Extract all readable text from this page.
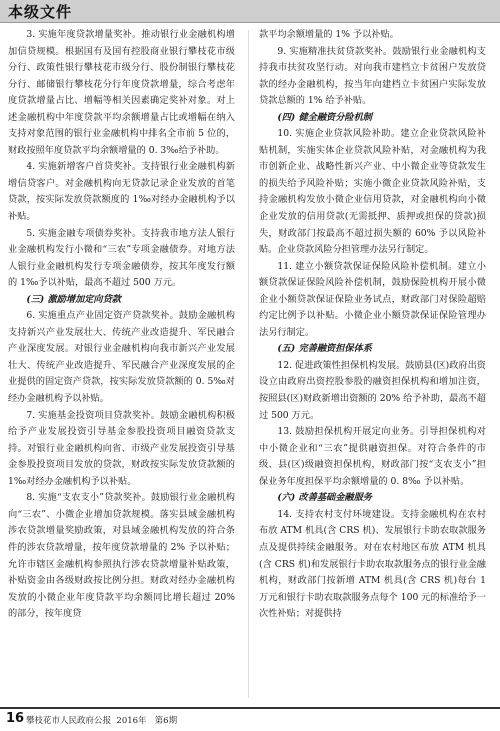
本级文件

3. 实施年度贷款增量奖补。推动银行业金融机构增加信贷规模。根据国有及国有控股商业银行攀枝花市级分行、政策性银行攀枝花市级分行、股份制银行攀枝花分行、邮储银行攀枝花分行年度贷款增量，综合考虑年度贷款增量占比、增幅等相关因素确定奖补对象。对上述金融机构中年度贷款平均余额增量占比或增幅在纳入支持对象范围的银行业金融机构中排名全市前 5 位的，财政按照年度贷款平均余额增量的 0. 3‰给予补助。

4. 实施新增客户首贷奖补。支持银行业金融机构新增信贷客户。对金融机构向无贷款记录企业发放的首笔贷款，按实际发放贷款额度的 1‰对经办金融机构予以补贴。

5. 实施金融专项债券奖补。支持我市地方法人银行业金融机构发行小微和“三农”专项金融债券。对地方法人银行业金融机构发行专项金融债券，按其年度发行额的 1‰予以补贴，最高不超过 500 万元。

(三) 激励增加定向贷款

6. 实施重点产业固定资产贷款奖补。鼓励金融机构支持新兴产业发展壮大、传统产业改造提升、军民融合产业深度发展。对银行业金融机构向我市新兴产业发展壮大、传统产业改造提升、军民融合产业深度发展的企业提供的固定资产贷款，按实际发放贷款额的 0. 5‰对经办金融机构予以补贴。

7. 实施基金投资项目贷款奖补。鼓励金融机构积极给予产业发展投资引导基金参股投资项目融资贷款支持。对银行业金融机构向省、市级产业发展投资引导基金参股投资项目发放的贷款，财政按实际发放贷款额的 1‰对经办金融机构予以补贴。

8. 实施“支农支小”贷款奖补。鼓励银行业金融机构向“三农”、小微企业增加贷款规模。落实县域金融机构涉农贷款增量奖励政策，对县域金融机构发放的符合条件的涉农贷款增量，按年度贷款增量的 2% 予以补贴；允许市辖区金融机构参照执行涉农贷款增量补贴政策，补贴资金由各级财政按比例分担。财政对经办金融机构发放的小微企业年度贷款平均余额同比增长超过 20% 的部分，按年度贷

款平均余额增量的 1% 予以补贴。

9. 实施精准扶贫贷款奖补。鼓励银行业金融机构支持我市扶贫攻坚行动。对向我市建档立卡贫困户发放贷款的经办金融机构，按当年向建档立卡贫困户实际发放贷款总额的 1% 给予补贴。

(四) 健全融资分险机制

10. 实施企业贷款风险补助。建立企业贷款风险补贴机制，实施实体企业贷款风险补贴，对金融机构为我市创新企业、战略性新兴产业、中小微企业等贷款发生的损失给予风险补贴；实施小微企业贷款风险补贴，支持金融机构发放小微企业信用贷款，对金融机构向小微企业发放的信用贷款(无需抵押、质押或担保的贷款)损失，财政部门按最高不超过损失额的 60% 予以风险补贴。企业贷款风险分担管理办法另行制定。

11. 建立小额贷款保证保险风险补偿机制。建立小额贷款保证保险风险补偿机制，鼓励保险机构开展小微企业小额贷款保证保险业务试点，财政部门对保险超赔约定比例予以补贴。小微企业小额贷款保证保险管理办法另行制定。

(五) 完善融资担保体系

12. 促进政策性担保机构发展。鼓励县(区)政府出资设立由政府出资控股参股的融资担保机构和增加注资，按照县(区)财政新增出资额的 20% 给予补助，最高不超过 500 万元。

13. 鼓励担保机构开展定向业务。引导担保机构对中小微企业和“三农”提供融资担保。对符合条件的市级、县(区)级融资担保机构，财政部门按“支农支小”担保业务年度担保平均余额增量的 0. 8‰ 予以补贴。

(六) 改善基础金融服务

14. 支持农村支付环境建设。支持金融机构在农村布放 ATM 机具(含 CRS 机)、发展银行卡助农取款服务点及提供持续金融服务。对在农村地区布放 ATM 机具(含 CRS 机)和发展银行卡助农取款服务点的银行业金融机构，财政部门按新增 ATM 机具(含 CRS 机)每台 1 万元和银行卡助农取款服务点每个 100 元的标准给予一次性补贴；对提供持

16 攀枝花市人民政府公报 2016年 第6期
